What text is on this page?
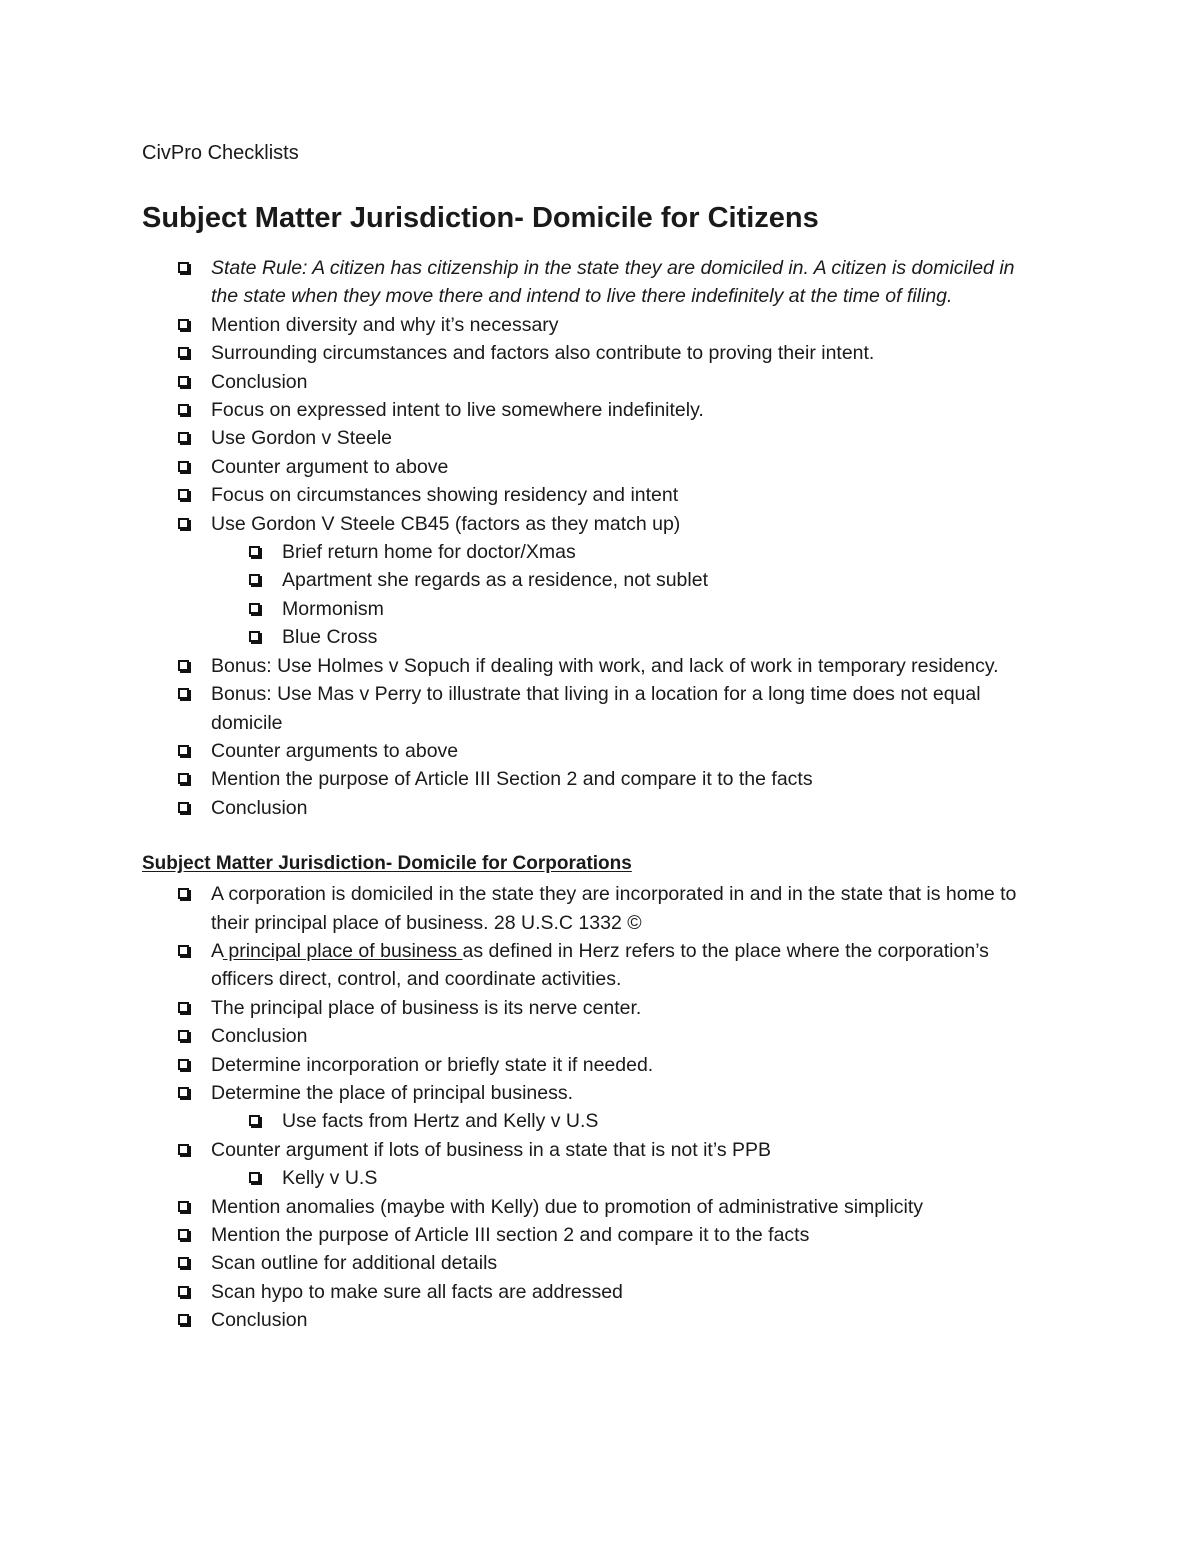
CivPro Checklists

Subject Matter Jurisdiction- Domicile for Citizens
State Rule: A citizen has citizenship in the state they are domiciled in. A citizen is domiciled in the state when they move there and intend to live there indefinitely at the time of filing.
Mention diversity and why it’s necessary
Surrounding circumstances and factors also contribute to proving their intent.
Conclusion
Focus on expressed intent to live somewhere indefinitely.
Use Gordon v Steele
Counter argument to above
Focus on circumstances showing residency and intent
Use Gordon V Steele CB45 (factors as they match up)
Brief return home for doctor/Xmas
Apartment she regards as a residence, not sublet
Mormonism
Blue Cross
Bonus: Use Holmes v Sopuch if dealing with work, and lack of work in temporary residency.
Bonus: Use Mas v Perry to illustrate that living in a location for a long time does not equal domicile
Counter arguments to above
Mention the purpose of Article III Section 2 and compare it to the facts
Conclusion
Subject Matter Jurisdiction- Domicile for Corporations
A corporation is domiciled in the state they are incorporated in and in the state that is home to their principal place of business. 28 U.S.C 1332 ©
A principal place of business as defined in Herz refers to the place where the corporation’s officers direct, control, and coordinate activities.
The principal place of business is its nerve center.
Conclusion
Determine incorporation or briefly state it if needed.
Determine the place of principal business.
Use facts from Hertz and Kelly v U.S
Counter argument if lots of business in a state that is not it’s PPB
Kelly v U.S
Mention anomalies (maybe with Kelly) due to promotion of administrative simplicity
Mention the purpose of Article III section 2 and compare it to the facts
Scan outline for additional details
Scan hypo to make sure all facts are addressed
Conclusion
